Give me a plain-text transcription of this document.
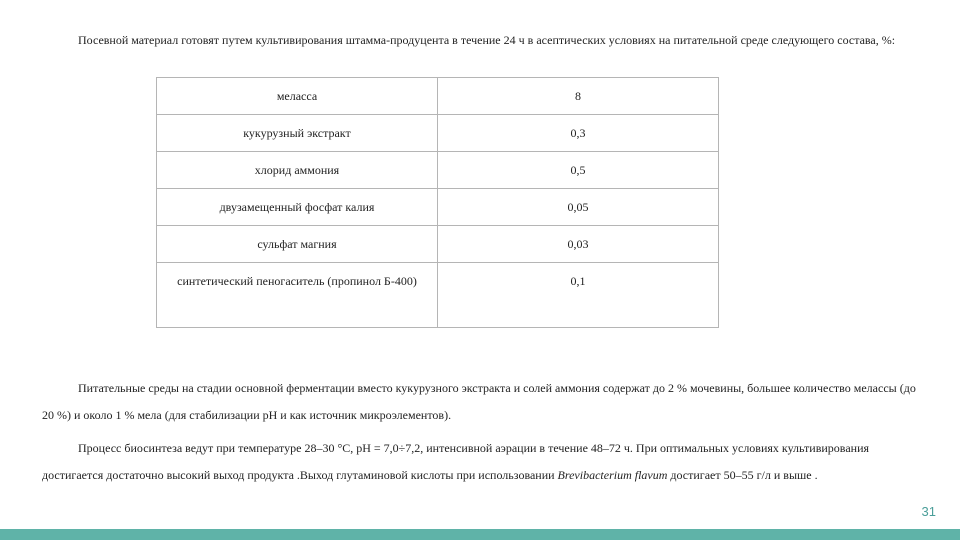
Посевной материал готовят путем культивирования штамма-продуцента в течение 24 ч в асептических условиях на питательной среде следующего состава, %:

меласса	8
кукурузный экстракт	0,3
хлорид аммония	0,5
двузамещенный фосфат калия	0,05
сульфат магния	0,03
синтетический пеногаситель (пропинол Б-400)	0,1

Питательные среды на стадии основной ферментации вместо кукурузного экстракта и солей аммония содержат до 2 % мочевины, большее количество мелассы (до 20 %) и около 1 % мела (для стабилизации pH и как источник микроэлементов).

Процесс биосинтеза ведут при температуре 28–30 °C, pH = 7,0÷7,2, интенсивной аэрации в течение 48–72 ч. При оптимальных условиях культивирования достигается достаточно высокий выход продукта .Выход глутаминовой кислоты при использовании Brevibacterium flavum достигает 50–55 г/л и выше .

31
